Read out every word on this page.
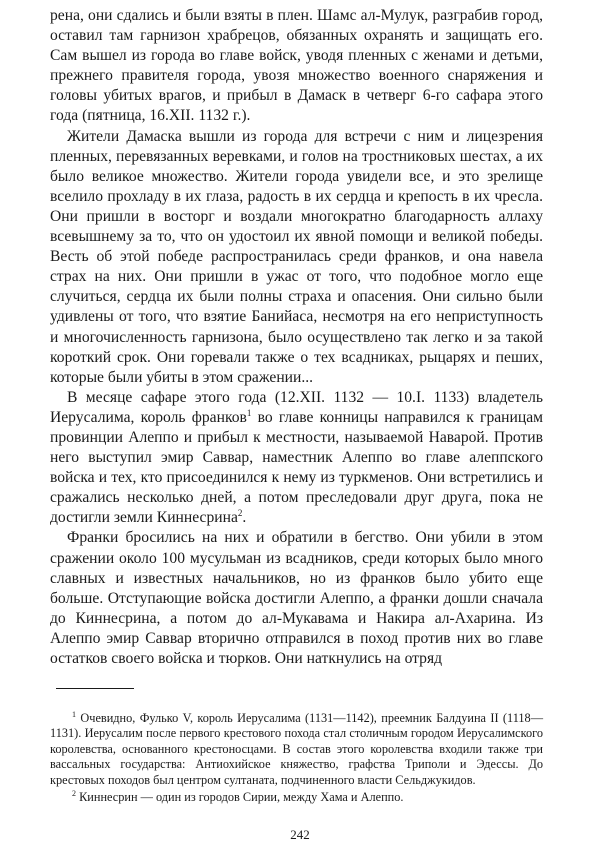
рена, они сдались и были взяты в плен. Шамс ал-Мулук, разграбив город, оставил там гарнизон храбрецов, обязанных охранять и защищать его. Сам вышел из города во главе войск, уводя пленных с женами и детьми, прежнего правителя города, увозя множество военного снаряжения и головы убитых врагов, и прибыл в Дамаск в четверг 6-го сафара этого года (пятница, 16.XII. 1132 г.).

Жители Дамаска вышли из города для встречи с ним и лицезрения пленных, перевязанных веревками, и голов на тростниковых шестах, а их было великое множество. Жители города увидели все, и это зрелище вселило прохладу в их глаза, радость в их сердца и крепость в их чресла. Они пришли в восторг и воздали многократно благодарность аллаху всевышнему за то, что он удостоил их явной помощи и великой победы. Весть об этой победе распространилась среди франков, и она навела страх на них. Они пришли в ужас от того, что подобное могло еще случиться, сердца их были полны страха и опасения. Они сильно были удивлены от того, что взятие Банийаса, несмотря на его неприступность и многочисленность гарнизона, было осуществлено так легко и за такой короткий срок. Они горевали также о тех всадниках, рыцарях и пеших, которые были убиты в этом сражении...

В месяце сафаре этого года (12.XII. 1132 — 10.I. 1133) владетель Иерусалима, король франков$^1$ во главе конницы направился к границам провинции Алеппо и прибыл к местности, называемой Наварой. Против него выступил эмир Саввар, наместник Алеппо во главе алеппского войска и тех, кто присоединился к нему из туркменов. Они встретились и сражались несколько дней, а потом преследовали друг друга, пока не достигли земли Киннесрина$^2$.

Франки бросились на них и обратили в бегство. Они убили в этом сражении около 100 мусульман из всадников, среди которых было много славных и известных начальников, но из франков было убито еще больше. Отступающие войска достигли Алеппо, а франки дошли сначала до Киннесрина, а потом до ал-Мукавама и Накира ал-Ахарина. Из Алеппо эмир Саввар вторично отправился в поход против них во главе остатков своего войска и тюрков. Они наткнулись на отряд

$^1$ Очевидно, Фулько V, король Иерусалима (1131—1142), преемник Балдуина II (1118—1131). Иерусалим после первого крестового похода стал столичным городом Иерусалимского королевства, основанного крестоносцами. В состав этого королевства входили также три вассальных государства: Антиохийское княжество, графства Триполи и Эдессы. До крестовых походов был центром султаната, подчиненного власти Сельджукидов.

$^2$ Киннесрин — один из городов Сирии, между Хама и Алеппо.

242
